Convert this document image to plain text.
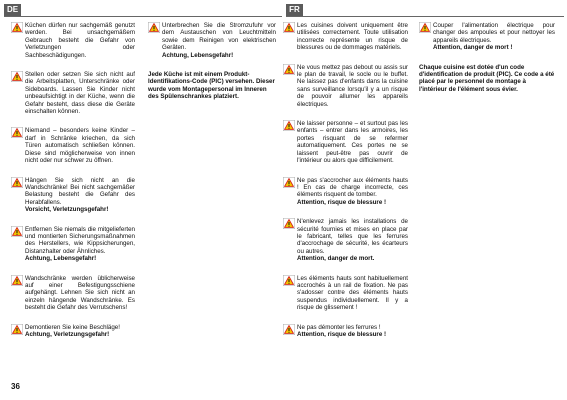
DE	FR

Küchen dürfen nur sachgemäß genutzt werden. Bei unsachgemäßem Gebrauch besteht die Gefahr von Verletzungen oder Sachbeschädigungen.

Stellen oder setzen Sie sich nicht auf die Arbeitsplatten, Unterschränke oder Sideboards. Lassen Sie Kinder nicht unbeaufsichtigt in der Küche, wenn die Gefahr besteht, dass diese die Geräte einschalten können.

Niemand – besonders keine Kinder – darf in Schränke kriechen, da sich Türen automatisch schließen können. Diese sind möglicherweise von innen nicht oder nur schwer zu öffnen.

Hängen Sie sich nicht an die Wandschränke! Bei nicht sachgemäßer Belastung besteht die Gefahr des Herabfallens.

Vorsicht, Verletzungsgefahr!

Entfernen Sie niemals die mitgelieferten und montierten Sicherungsmaßnahmen des Herstellers, wie Kippsicherungen, Distanzhalter oder Ähnliches.

Achtung, Lebensgefahr!

Wandschränke werden üblicherweise auf einer Befestigungsschiene aufgehängt. Lehnen Sie sich nicht an einzeln hängende Wandschränke. Es besteht die Gefahr des Verrutschens!

Demontieren Sie keine Beschläge!

Achtung, Verletzungsgefahr!

Unterbrechen Sie die Stromzufuhr vor dem Austauschen von Leuchtmitteln sowie dem Reinigen von elektrischen Geräten.

Achtung, Lebensgefahr!

Jede Küche ist mit einem Produkt-Identifikations-Code (PIC) versehen. Dieser wurde vom Montagepersonal im Inneren des Spülenschrankes platziert.

Les cuisines doivent uniquement être utilisées correctement. Toute utilisation incorrecte représente un risque de blessures ou de dommages matériels.

Ne vous mettez pas debout ou assis sur le plan de travail, le socle ou le buffet. Ne laissez pas d'enfants dans la cuisine sans surveillance lorsqu'il y a un risque de pouvoir allumer les appareils électriques.

Ne laisser personne – et surtout pas les enfants – entrer dans les armoires, les portes risquant de se refermer automatiquement. Ces portes ne se laissent peut-être pas ouvrir de l'intérieur ou alors que difficilement.

Ne pas s'accrocher aux éléments hauts ! En cas de charge incorrecte, ces éléments risquent de tomber.

Attention, risque de blessure !

N'enlevez jamais les installations de sécurité fournies et mises en place par le fabricant, telles que les ferrures d'accrochage de sécurité, les écarteurs ou autres.

Attention, danger de mort.

Les éléments hauts sont habituellement accrochés à un rail de fixation. Ne pas s'adosser contre des éléments hauts suspendus individuellement. Il y a risque de glissement !

Ne pas démonter les ferrures !

Attention, risque de blessure !

Couper l'alimentation électrique pour changer des ampoules et pour nettoyer les appareils électriques.

Attention, danger de mort !

Chaque cuisine est dotée d'un code d'identification de produit (PIC). Ce code a été placé par le personnel de montage à l'intérieur de l'élément sous évier.

36
